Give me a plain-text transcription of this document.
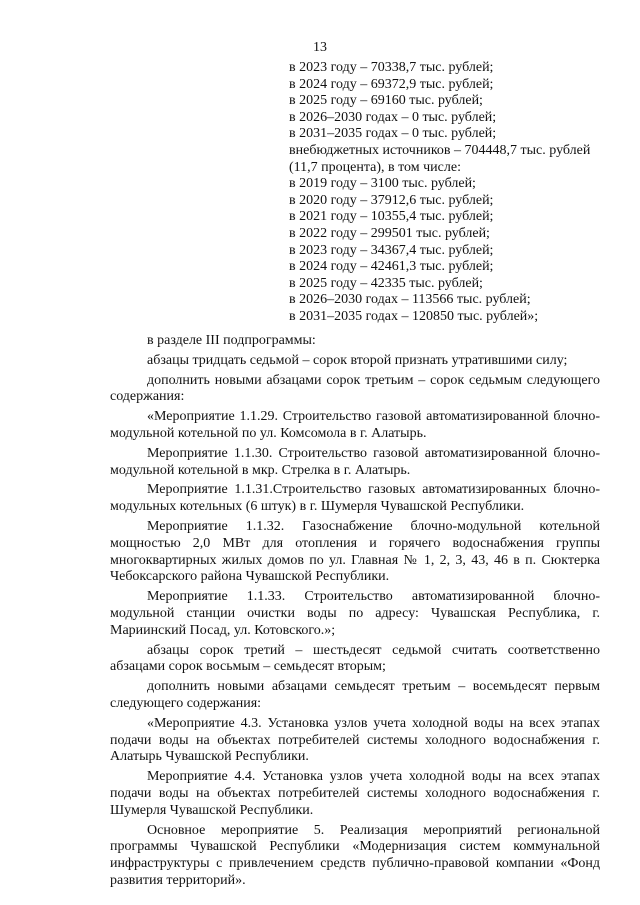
13
в 2023 году – 70338,7 тыс. рублей;
в 2024 году – 69372,9 тыс. рублей;
в 2025 году – 69160 тыс. рублей;
в 2026–2030 годах – 0 тыс. рублей;
в 2031–2035 годах – 0 тыс. рублей;
внебюджетных источников – 704448,7 тыс. рублей (11,7 процента), в том числе:
в 2019 году – 3100 тыс. рублей;
в 2020 году – 37912,6 тыс. рублей;
в 2021 году – 10355,4 тыс. рублей;
в 2022 году – 299501 тыс. рублей;
в 2023 году – 34367,4 тыс. рублей;
в 2024 году – 42461,3 тыс. рублей;
в 2025 году – 42335 тыс. рублей;
в 2026–2030 годах – 113566 тыс. рублей;
в 2031–2035 годах – 120850 тыс. рублей»;

в разделе III подпрограммы:

абзацы тридцать седьмой – сорок второй признать утратившими силу;

дополнить новыми абзацами сорок третьим – сорок седьмым следующего содержания:

«Мероприятие 1.1.29. Строительство газовой автоматизированной блочно-модульной котельной по ул. Комсомола в г. Алатырь.

Мероприятие 1.1.30. Строительство газовой автоматизированной блочно-модульной котельной в мкр. Стрелка в г. Алатырь.

Мероприятие 1.1.31.Строительство газовых автоматизированных блочно-модульных котельных (6 штук) в г. Шумерля Чувашской Республики.

Мероприятие 1.1.32. Газоснабжение блочно-модульной котельной мощностью 2,0 МВт для отопления и горячего водоснабжения группы многоквартирных жилых домов по ул. Главная № 1, 2, 3, 43, 46 в п. Сюктерка Чебоксарского района Чувашской Республики.

Мероприятие 1.1.33. Строительство автоматизированной блочно-модульной станции очистки воды по адресу: Чувашская Республика, г. Мариинский Посад, ул. Котовского.»;

абзацы сорок третий – шестьдесят седьмой считать соответственно абзацами сорок восьмым – семьдесят вторым;

дополнить новыми абзацами семьдесят третьим – восемьдесят первым следующего содержания:

«Мероприятие 4.3. Установка узлов учета холодной воды на всех этапах подачи воды на объектах потребителей системы холодного водоснабжения г. Алатырь Чувашской Республики.

Мероприятие 4.4. Установка узлов учета холодной воды на всех этапах подачи воды на объектах потребителей системы холодного водоснабжения г. Шумерля Чувашской Республики.

Основное мероприятие 5. Реализация мероприятий региональной программы Чувашской Республики «Модернизация систем коммунальной инфраструктуры с привлечением средств публично-правовой компании «Фонд развития территорий».
